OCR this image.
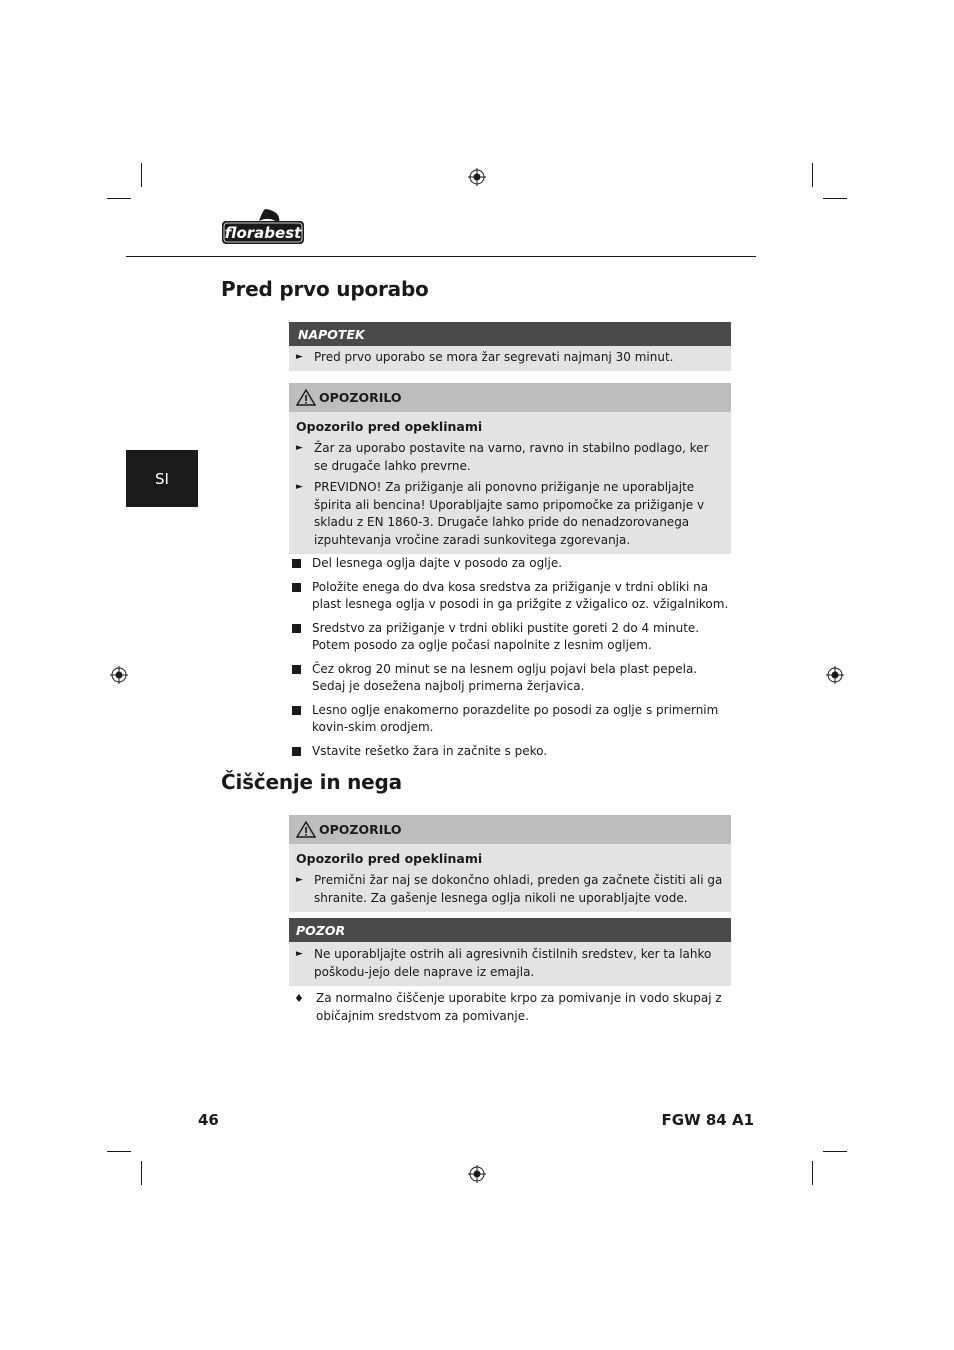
florabest
SI
Pred prvo uporabo
NAPOTEK
► Pred prvo uporabo se mora žar segrevati najmanj 30 minut.
OPOZORILO
Opozorilo pred opeklinami
► Žar za uporabo postavite na varno, ravno in stabilno podlago, ker se drugače lahko prevrne.
► PREVIDNO! Za prižiganje ali ponovno prižiganje ne uporabljajte špirita ali bencina! Uporabljajte samo pripomočke za prižiganje v skladu z EN 1860-3. Drugače lahko pride do nenadzorovanega izpuhtevanja vročine zaradi sunkovitega zgorevanja.
Del lesnega oglja dajte v posodo za oglje.
Položite enega do dva kosa sredstva za prižiganje v trdni obliki na plast lesnega oglja v posodi in ga prižgite z vžigalico oz. vžigalnikom.
Sredstvo za prižiganje v trdni obliki pustite goreti 2 do 4 minute. Potem posodo za oglje počasi napolnite z lesnim ogljem.
Čez okrog 20 minut se na lesnem oglju pojavi bela plast pepela. Sedaj je dosežena najbolj primerna žerjavica.
Lesno oglje enakomerno porazdelite po posodi za oglje s primernim kovin-skim orodjem.
Vstavite rešetko žara in začnite s peko.
Čiščenje in nega
OPOZORILO
Opozorilo pred opeklinami
► Premični žar naj se dokončno ohladi, preden ga začnete čistiti ali ga shranite. Za gašenje lesnega oglja nikoli ne uporabljajte vode.
POZOR
► Ne uporabljajte ostrih ali agresivnih čistilnih sredstev, ker ta lahko poškodu-jejo dele naprave iz emajla.
♦ Za normalno čiščenje uporabite krpo za pomivanje in vodo skupaj z običajnim sredstvom za pomivanje.
46	FGW 84 A1
